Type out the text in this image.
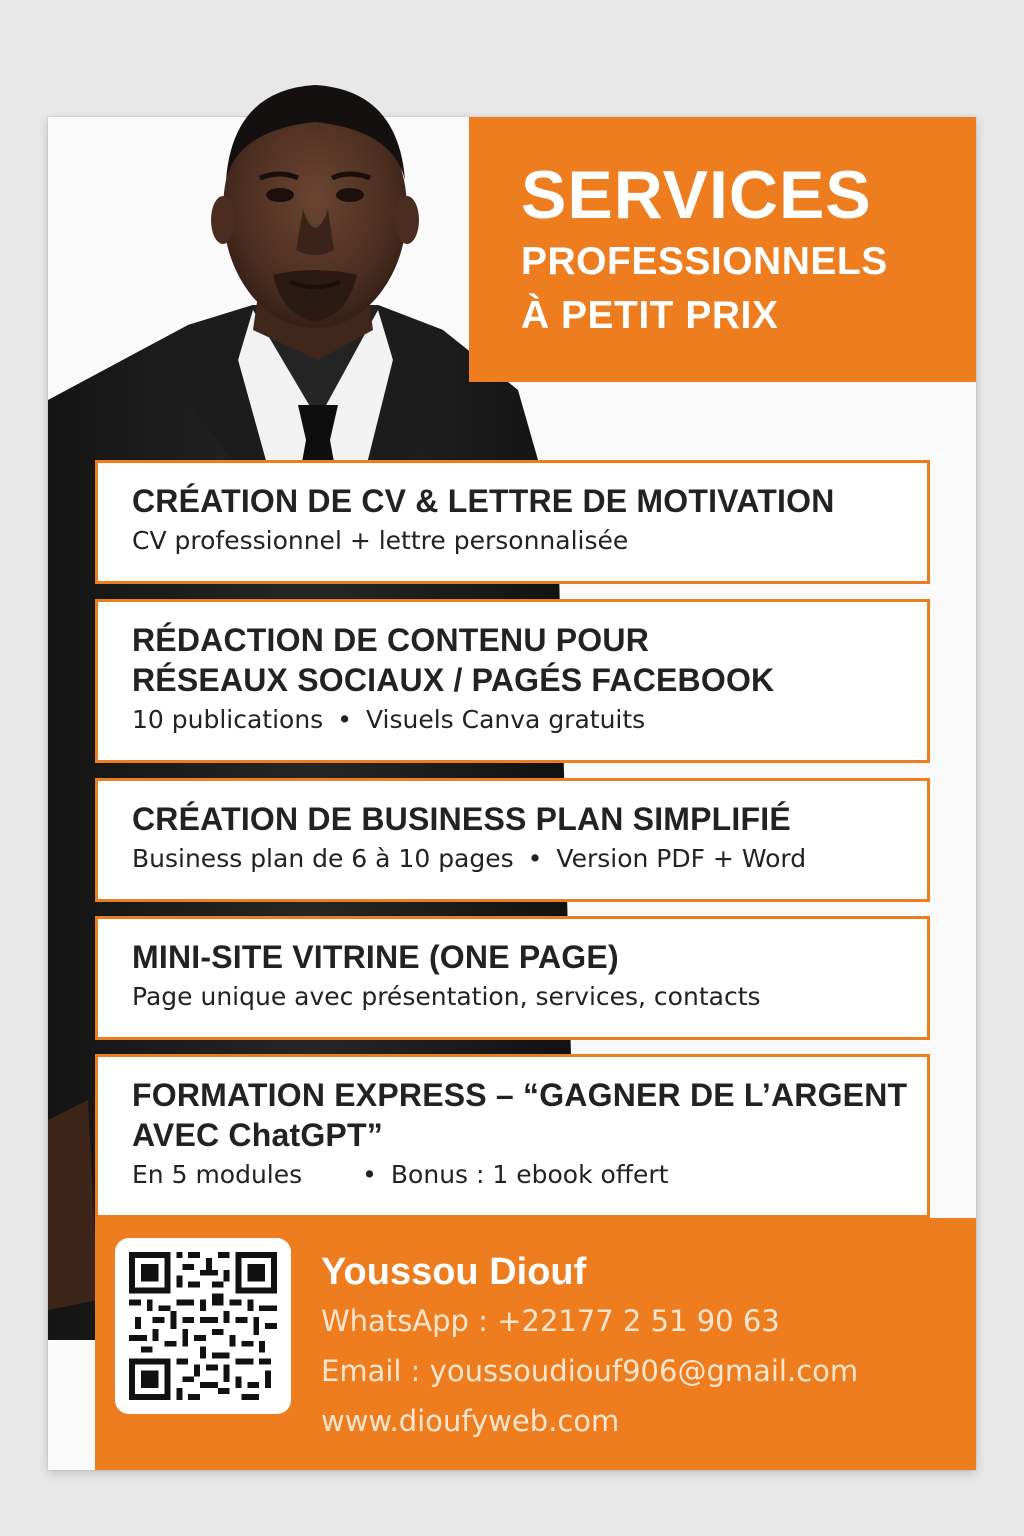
SERVICES
PROFESSIONNELS
À PETIT PRIX
CRÉATION DE CV & LETTRE DE MOTIVATION
CV professionnel + lettre personnalisée
RÉDACTION DE CONTENU POUR
RÉSEAUX SOCIAUX / PAGÉS FACEBOOK
10 publications • Visuels Canva gratuits
CRÉATION DE BUSINESS PLAN SIMPLIFIÉ
Business plan de 6 à 10 pages • Version PDF + Word
MINI-SITE VITRINE (ONE PAGE)
Page unique avec présentation, services, contacts
FORMATION EXPRESS – “GAGNER DE L’ARGENT
AVEC ChatGPT”
En 5 modules • Bonus : 1 ebook offert
Youssou Diouf
WhatsApp : +22177 2 51 90 63
Email : youssoudiouf906@gmail.com
www.dioufyweb.com
